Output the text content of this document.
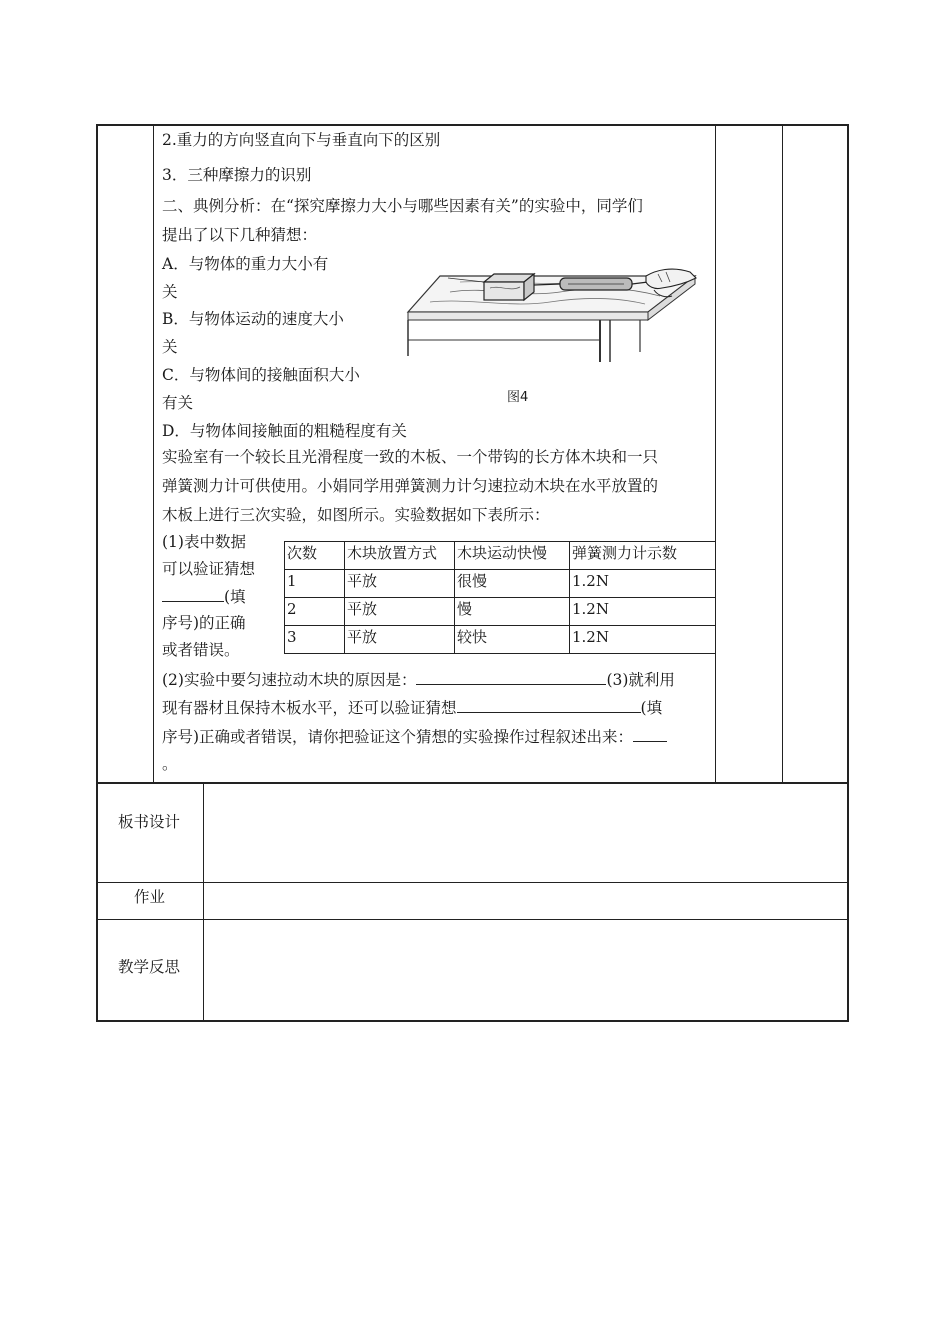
2.重力的方向竖直向下与垂直向下的区别
3．三种摩擦力的识别
二、典例分析：在“探究摩擦力大小与哪些因素有关”的实验中，同学们
提出了以下几种猜想：
A．与物体的重力大小有
关
B．与物体运动的速度大小
关
C．与物体间的接触面积大小
有关
D．与物体间接触面的粗糙程度有关
图4
实验室有一个较长且光滑程度一致的木板、一个带钩的长方体木块和一只
弹簧测力计可供使用。小娟同学用弹簧测力计匀速拉动木块在水平放置的
木板上进行三次实验，如图所示。实验数据如下表所示：
(1)表中数据
可以验证猜想
(填
序号)的正确
或者错误。
次数	木块放置方式	木块运动快慢	弹簧测力计示数
1	平放	很慢	1.2N
2	平放	慢	1.2N
3	平放	较快	1.2N
(2)实验中要匀速拉动木块的原因是：	(3)就利用
现有器材且保持木板水平，还可以验证猜想	(填
序号)正确或者错误，请你把验证这个猜想的实验操作过程叙述出来：
。
板书设计
作业
教学反思
